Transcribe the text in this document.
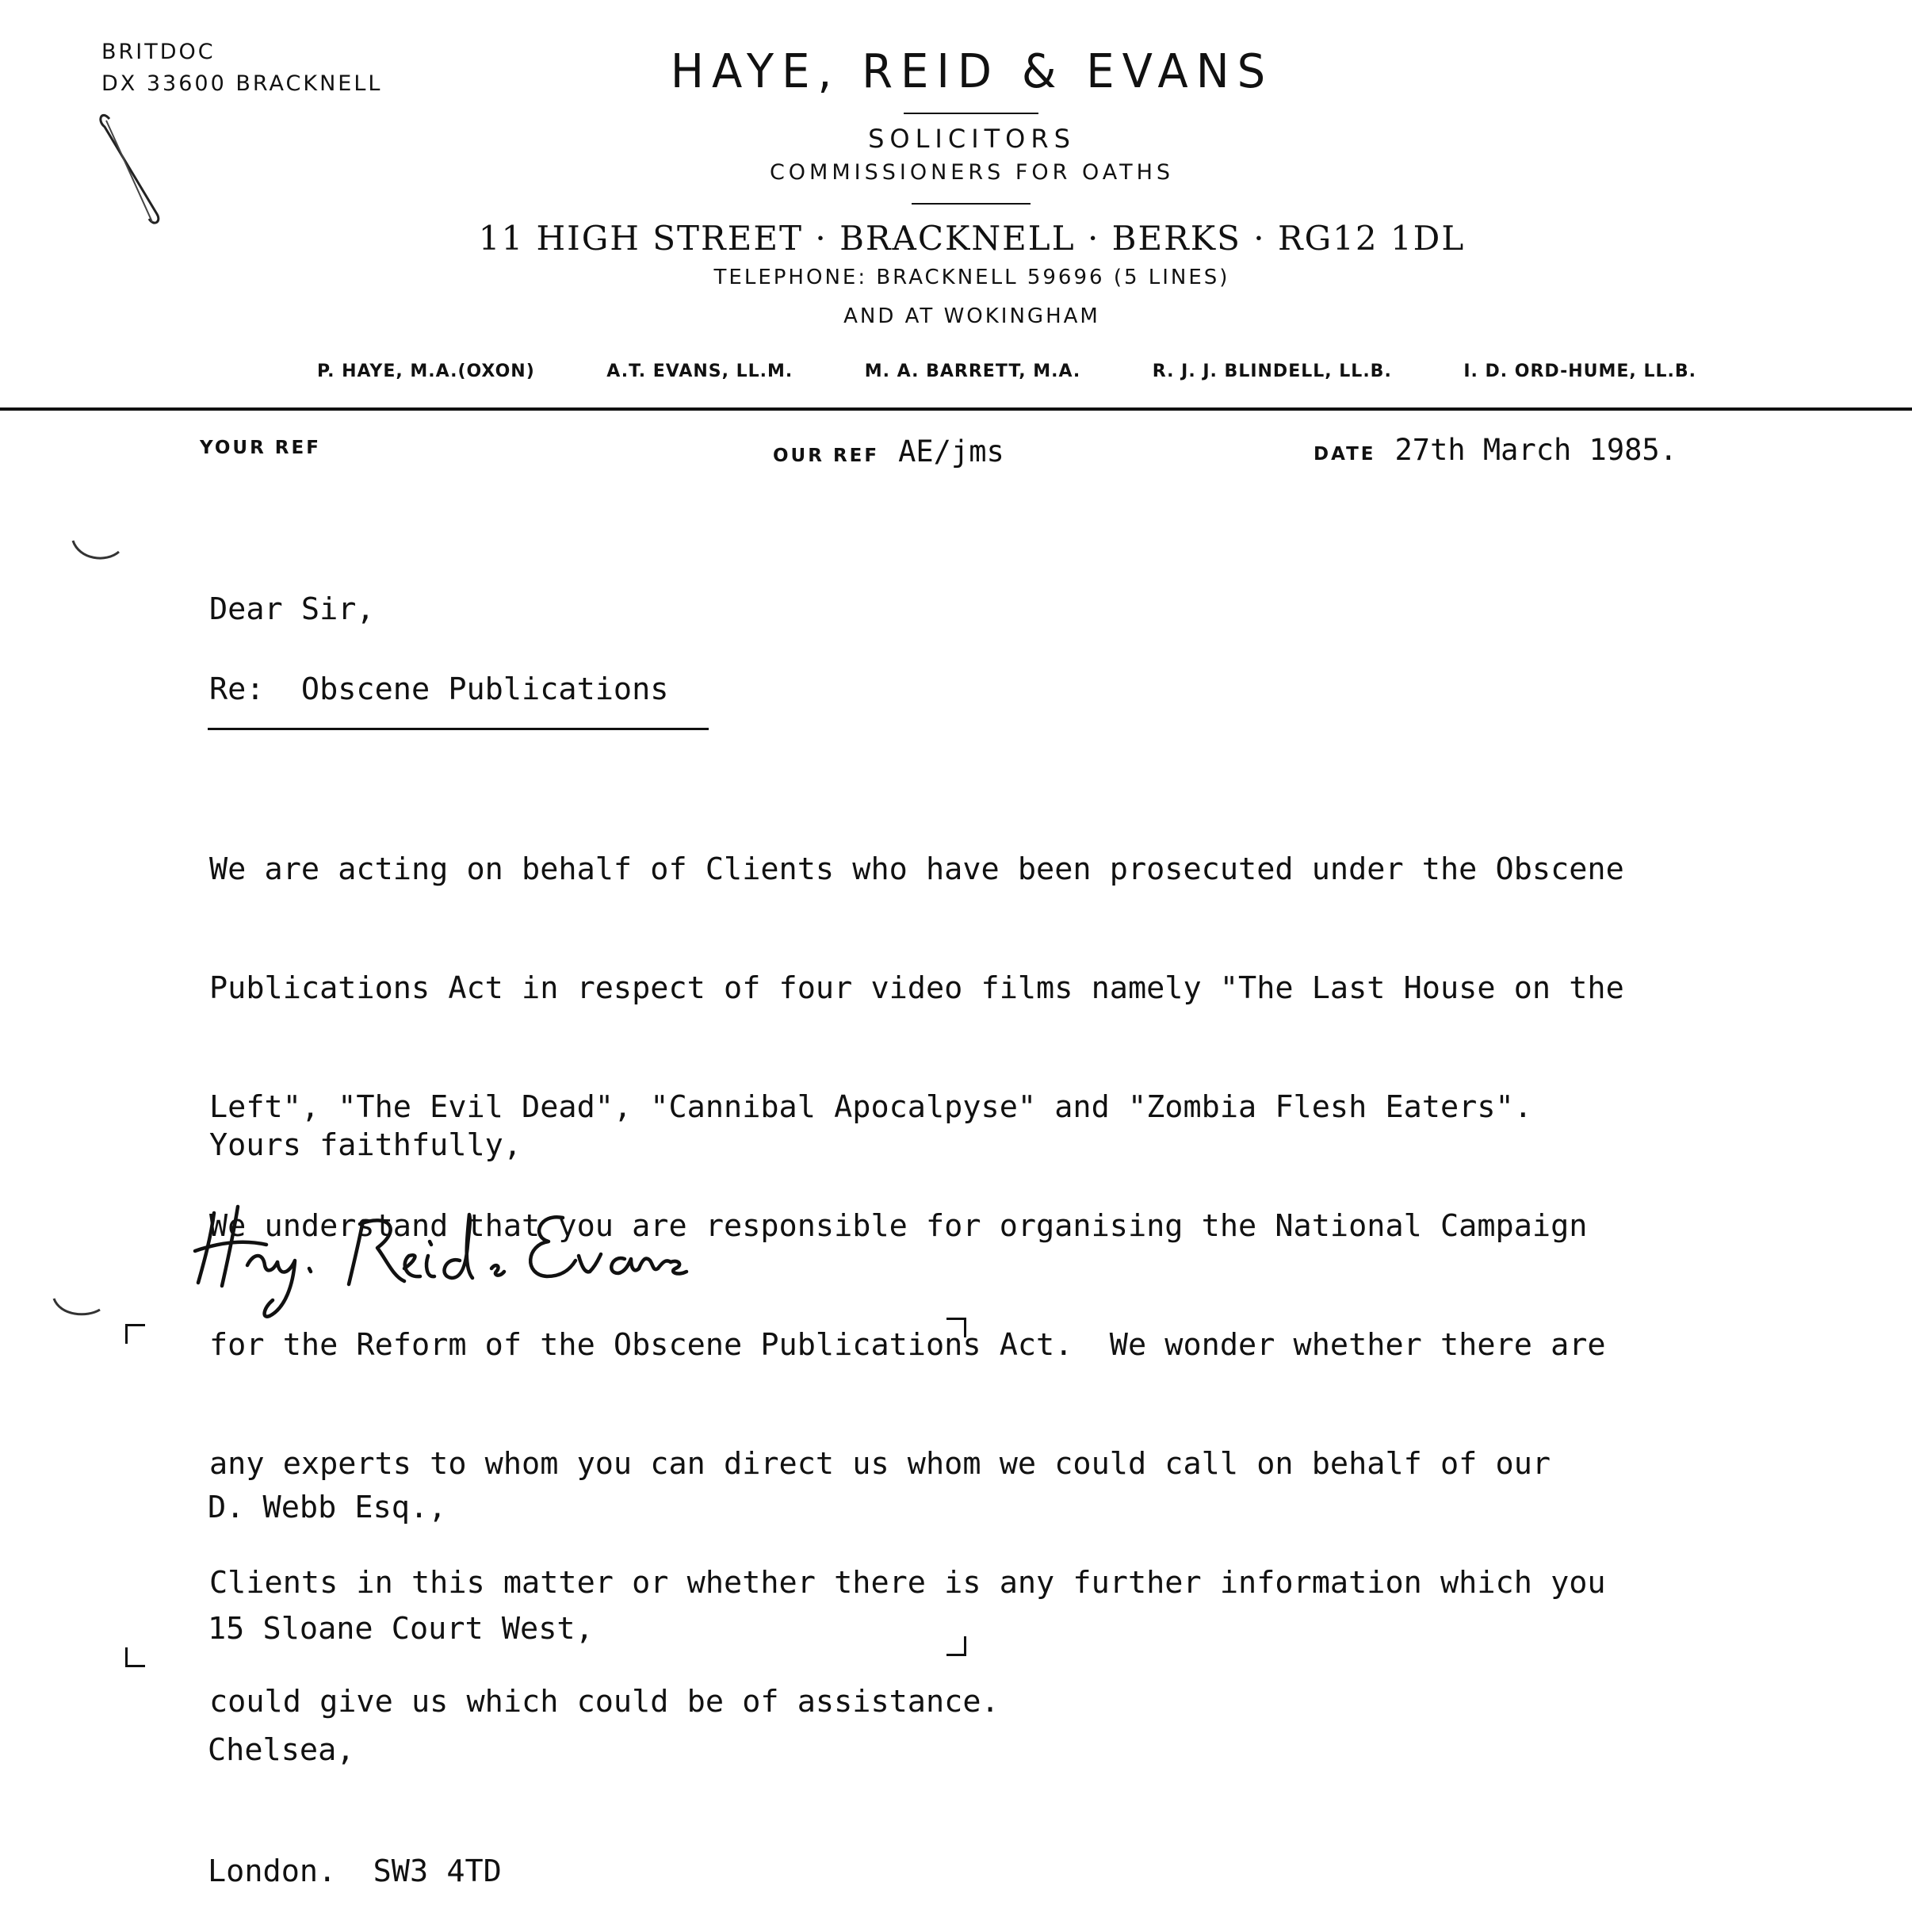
BRITDOC
DX 33600 BRACKNELL	HAYE, REID & EVANS
SOLICITORS
COMMISSIONERS FOR OATHS
11 HIGH STREET · BRACKNELL · BERKS · RG12 1DL
TELEPHONE: BRACKNELL 59696 (5 LINES)
AND AT WOKINGHAM
P. HAYE, M.A.(OXON)	A.T. EVANS, LL.M.	M. A. BARRETT, M.A.	R. J. J. BLINDELL, LL.B.	I. D. ORD-HUME, LL.B.
YOUR REF	OUR REF AE/jms	DATE 27th March 1985.
Dear Sir,
Re:  Obscene Publications

We are acting on behalf of Clients who have been prosecuted under the Obscene

Publications Act in respect of four video films namely "The Last House on the

Left", "The Evil Dead", "Cannibal Apocalpyse" and "Zombia Flesh Eaters".

We understand that you are responsible for organising the National Campaign

for the Reform of the Obscene Publications Act.  We wonder whether there are

any experts to whom you can direct us whom we could call on behalf of our

Clients in this matter or whether there is any further information which you

could give us which could be of assistance.

Yours faithfully,

D. Webb Esq.,

15 Sloane Court West,

Chelsea,

London.  SW3 4TD
